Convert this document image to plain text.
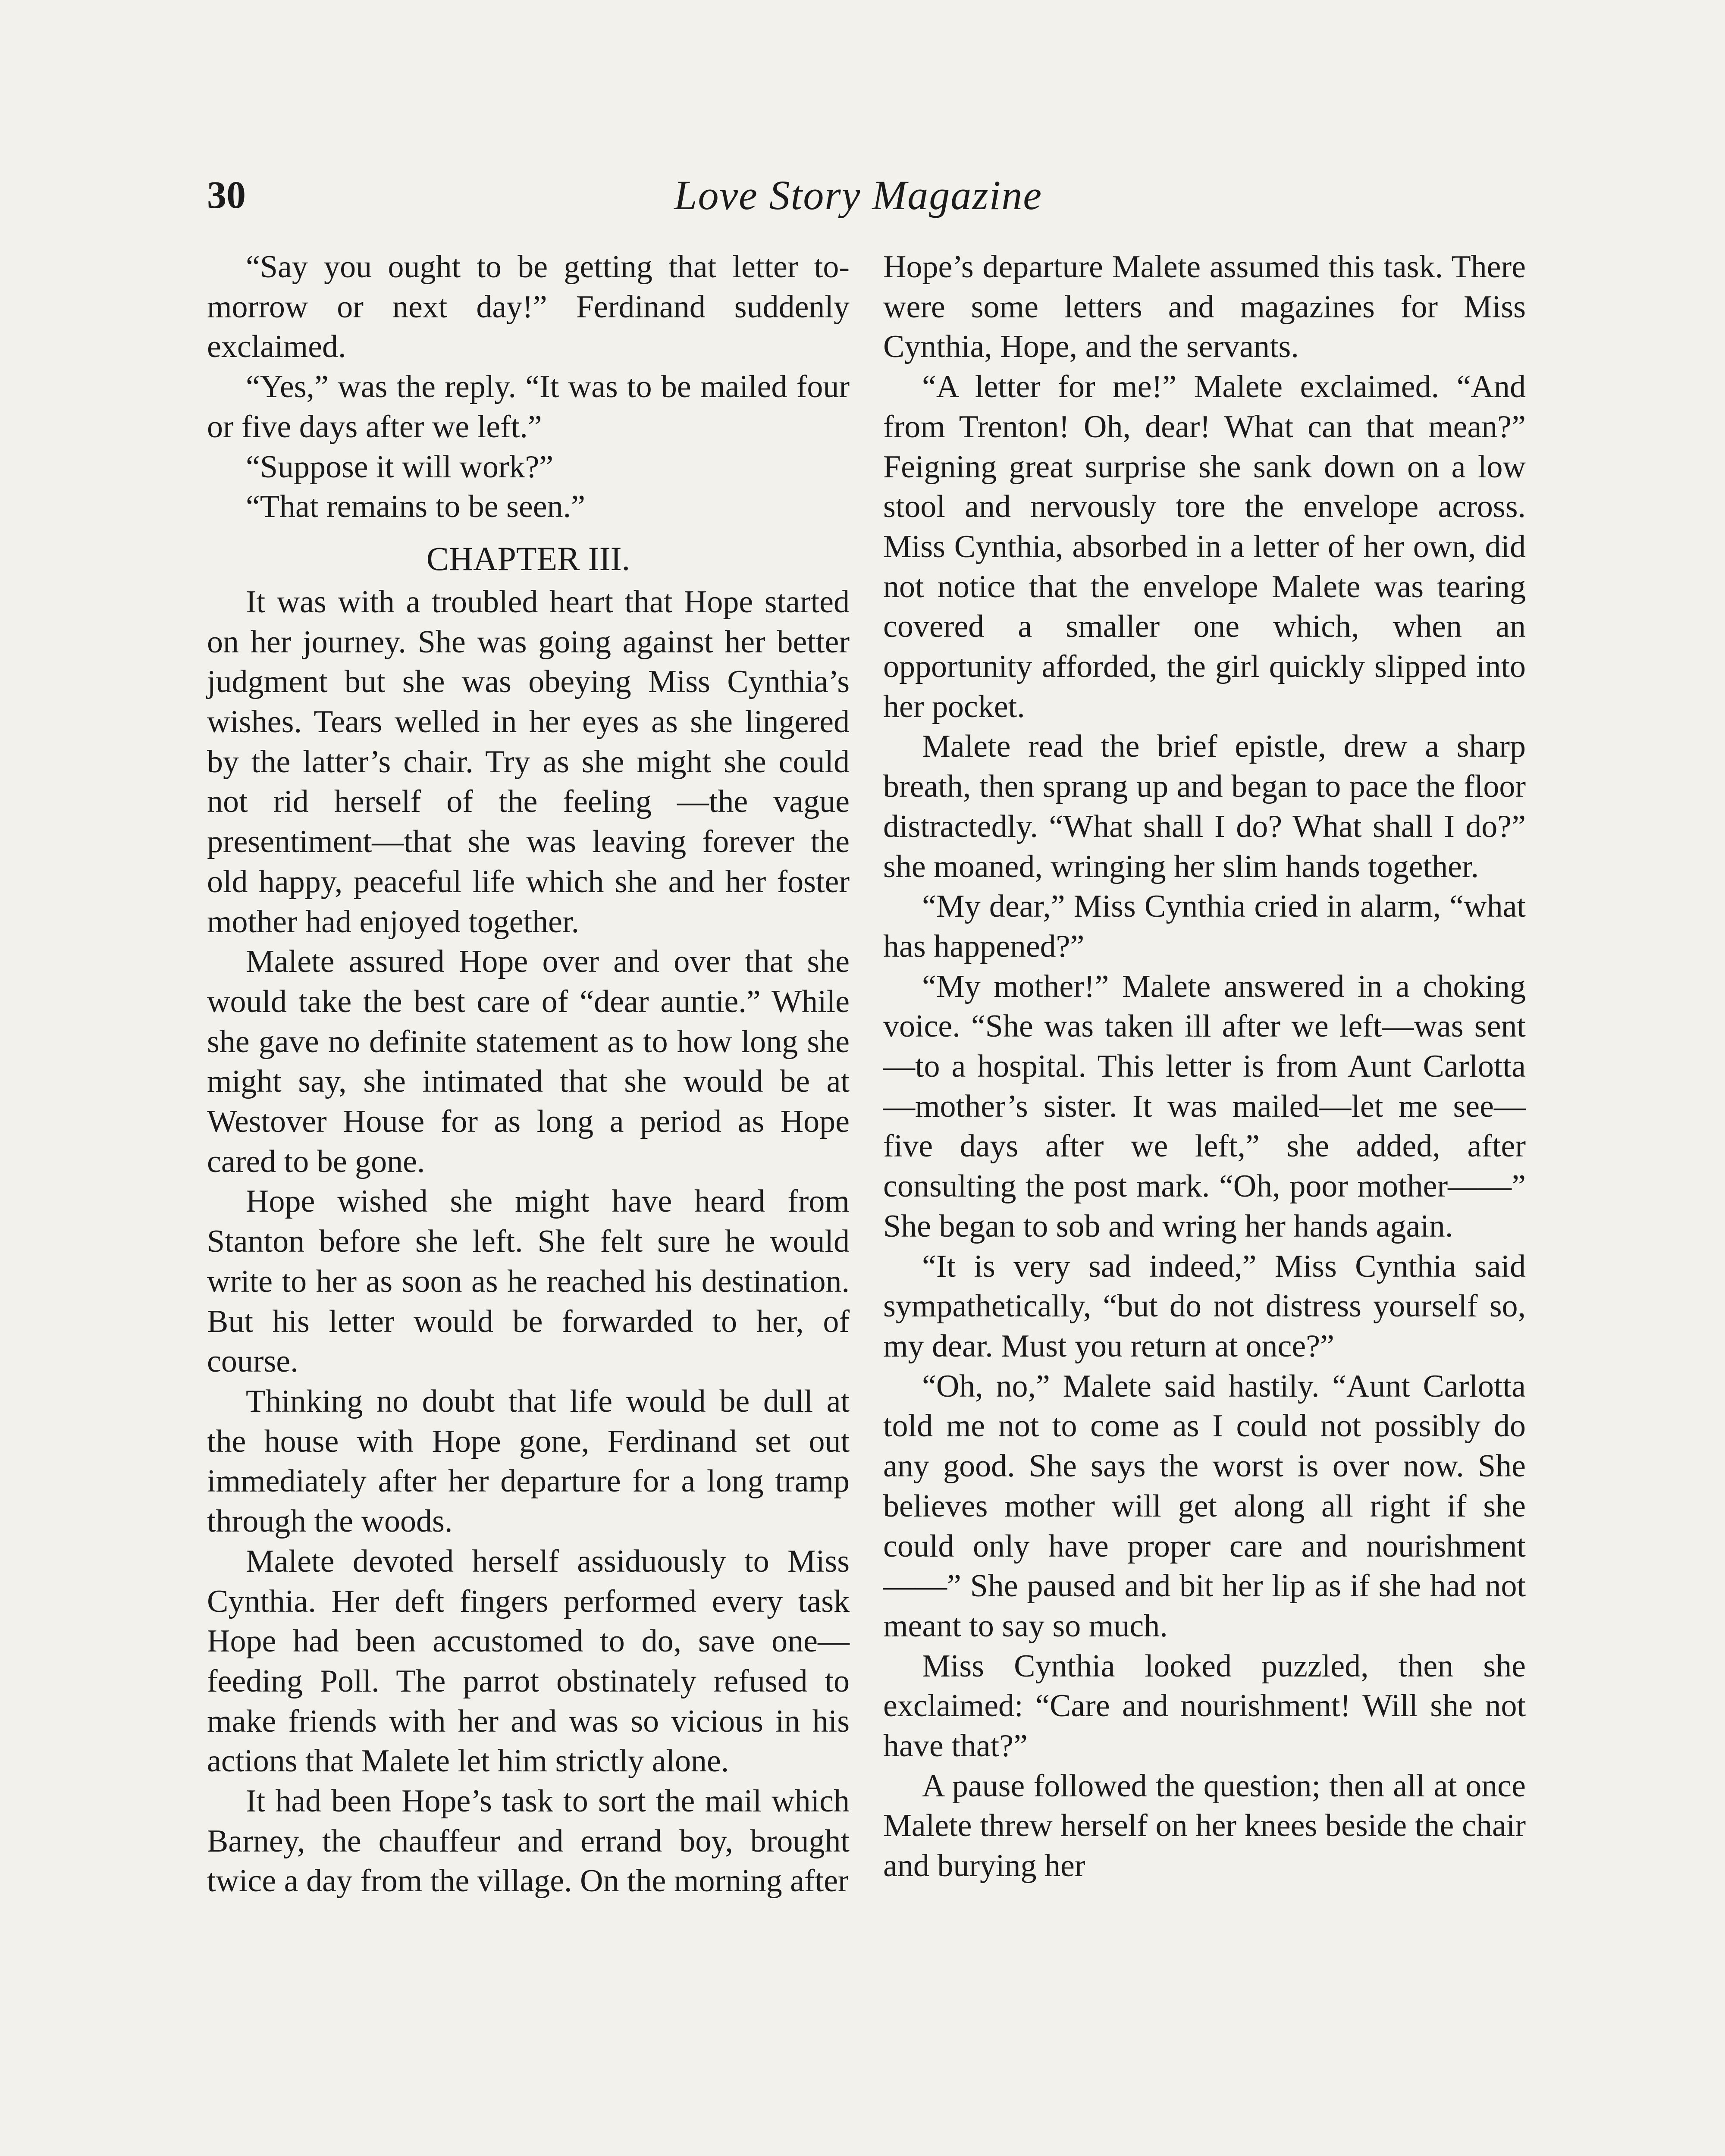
30	Love Story Magazine

“Say you ought to be getting that letter to-morrow or next day!” Ferdinand suddenly exclaimed.

“Yes,” was the reply. “It was to be mailed four or five days after we left.”

“Suppose it will work?”

“That remains to be seen.”

CHAPTER III.

It was with a troubled heart that Hope started on her journey. She was going against her better judgment but she was obeying Miss Cynthia’s wishes. Tears welled in her eyes as she lingered by the latter’s chair. Try as she might she could not rid herself of the feeling —the vague presentiment—that she was leaving forever the old happy, peaceful life which she and her foster mother had enjoyed together.

Malete assured Hope over and over that she would take the best care of “dear auntie.” While she gave no definite statement as to how long she might say, she intimated that she would be at Westover House for as long a period as Hope cared to be gone.

Hope wished she might have heard from Stanton before she left. She felt sure he would write to her as soon as he reached his destination. But his letter would be forwarded to her, of course.

Thinking no doubt that life would be dull at the house with Hope gone, Ferdinand set out immediately after her departure for a long tramp through the woods.

Malete devoted herself assiduously to Miss Cynthia. Her deft fingers performed every task Hope had been accustomed to do, save one—feeding Poll. The parrot obstinately refused to make friends with her and was so vicious in his actions that Malete let him strictly alone.

It had been Hope’s task to sort the mail which Barney, the chauffeur and errand boy, brought twice a day from the village. On the morning after

Hope’s departure Malete assumed this task. There were some letters and magazines for Miss Cynthia, Hope, and the servants.

“A letter for me!” Malete exclaimed. “And from Trenton! Oh, dear! What can that mean?” Feigning great surprise she sank down on a low stool and nervously tore the envelope across. Miss Cynthia, absorbed in a letter of her own, did not notice that the envelope Malete was tearing covered a smaller one which, when an opportunity afforded, the girl quickly slipped into her pocket.

Malete read the brief epistle, drew a sharp breath, then sprang up and began to pace the floor distractedly. “What shall I do? What shall I do?” she moaned, wringing her slim hands together.

“My dear,” Miss Cynthia cried in alarm, “what has happened?”

“My mother!” Malete answered in a choking voice. “She was taken ill after we left—was sent—to a hospital. This letter is from Aunt Carlotta—mother’s sister. It was mailed—let me see—five days after we left,” she added, after consulting the post mark. “Oh, poor mother——” She began to sob and wring her hands again.

“It is very sad indeed,” Miss Cynthia said sympathetically, “but do not distress yourself so, my dear. Must you return at once?”

“Oh, no,” Malete said hastily. “Aunt Carlotta told me not to come as I could not possibly do any good. She says the worst is over now. She believes mother will get along all right if she could only have proper care and nourishment——” She paused and bit her lip as if she had not meant to say so much.

Miss Cynthia looked puzzled, then she exclaimed: “Care and nourishment! Will she not have that?”

A pause followed the question; then all at once Malete threw herself on her knees beside the chair and burying her
